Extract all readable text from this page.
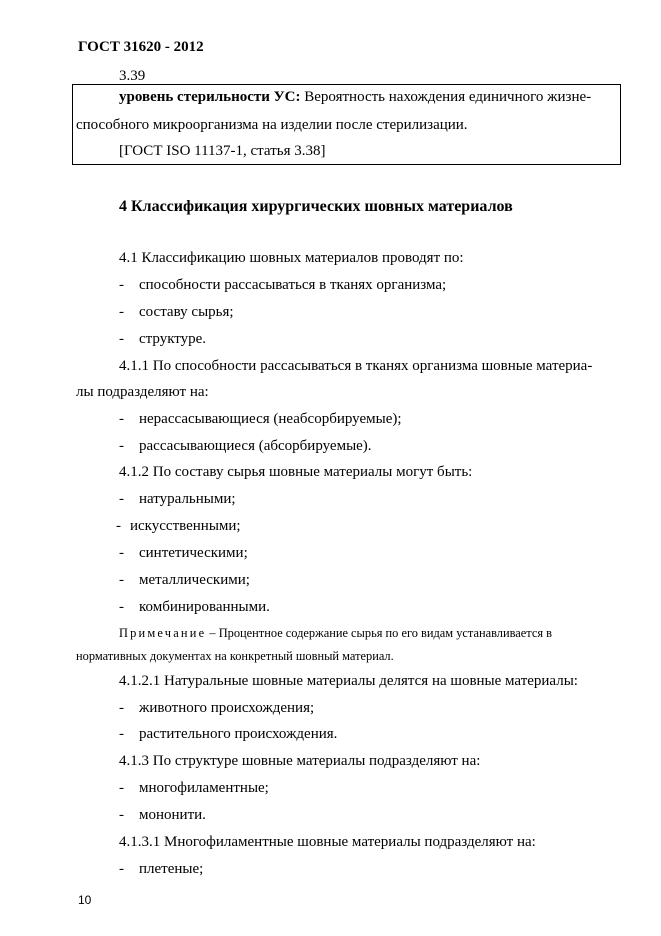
ГОСТ 31620 - 2012
3.39
уровень стерильности УС: Вероятность нахождения единичного жизне-
способного микроорганизма на изделии после стерилизации.
[ГОСТ ISO 11137-1, статья 3.38]
4 Классификация хирургических шовных материалов
4.1 Классификацию шовных материалов проводят по:
- способности рассасываться в тканях организма;
- составу сырья;
- структуре.
4.1.1 По способности рассасываться в тканях организма шовные материа-
лы подразделяют на:
- нерассасывающиеся (неабсорбируемые);
- рассасывающиеся (абсорбируемые).
4.1.2 По составу сырья шовные материалы могут быть:
- натуральными;
- искусственными;
- синтетическими;
- металлическими;
- комбинированными.
Примечание – Процентное содержание сырья по его видам устанавливается в
нормативных документах на конкретный шовный материал.
4.1.2.1 Натуральные шовные материалы делятся на шовные материалы:
- животного происхождения;
- растительного происхождения.
4.1.3 По структуре шовные материалы подразделяют на:
- многофиламентные;
- мононити.
4.1.3.1 Многофиламентные шовные материалы подразделяют на:
- плетеные;
10
